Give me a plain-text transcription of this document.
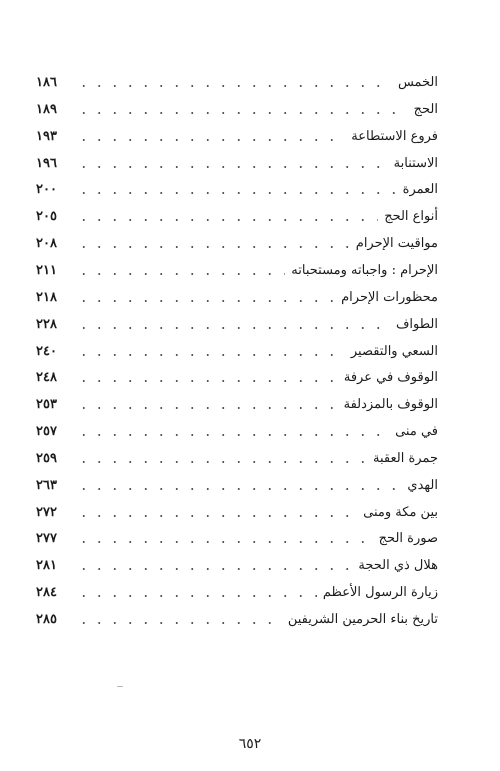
الخمس
١٨٦
الحج
١٨٩
فروع الاستطاعة
١٩٣
الاستنابة
١٩٦
العمرة
٢٠٠
أنواع الحج
٢٠٥
مواقيت الإحرام
٢٠٨
الإحرام : واجباته ومستحباته
٢١١
محظورات الإحرام
٢١٨
الطواف
٢٢٨
السعي والتقصير
٢٤٠
الوقوف في عرفة
٢٤٨
الوقوف بالمزدلفة
٢٥٣
في منى
٢٥٧
جمرة العقبة
٢٥٩
الهدي
٢٦٣
بين مكة ومنى
٢٧٢
صورة الحج
٢٧٧
هلال ذي الحجة
٢٨١
زيارة الرسول الأعظم
٢٨٤
تاريخ بناء الحرمين الشريفين
٢٨٥
٦٥٢
